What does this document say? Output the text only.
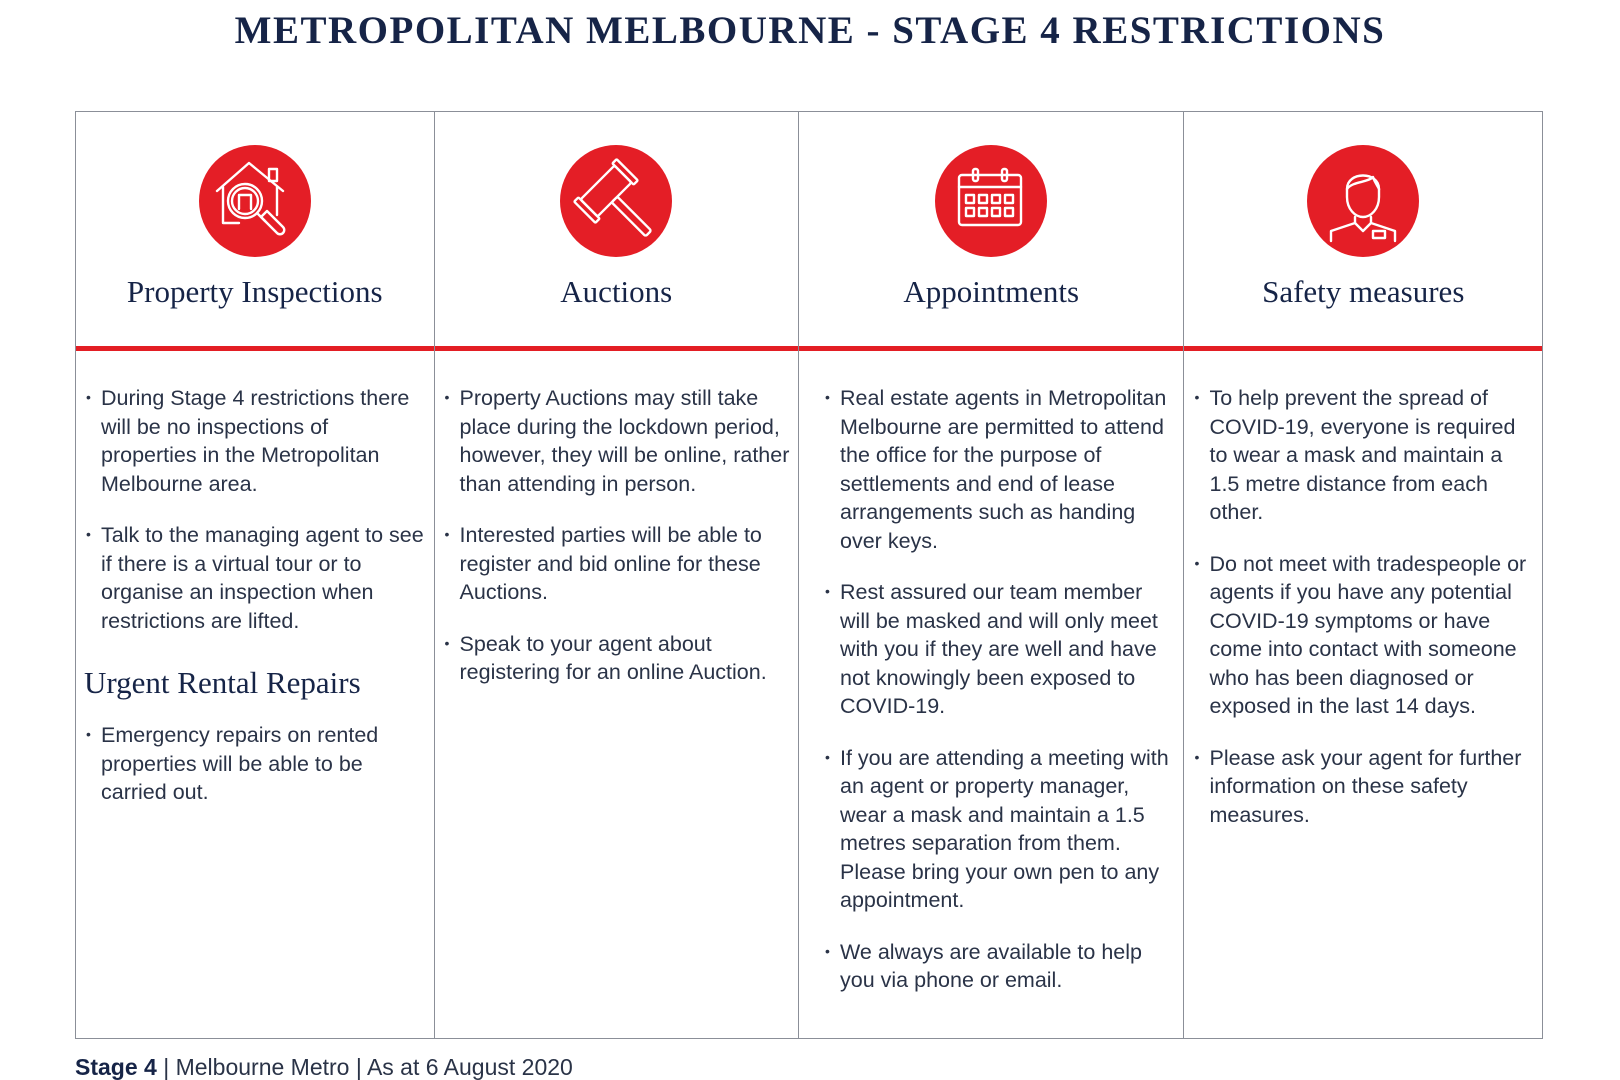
METROPOLITAN MELBOURNE - STAGE 4 RESTRICTIONS
Property Inspections
• During Stage 4 restrictions there will be no inspections of properties in the Metropolitan Melbourne area.
• Talk to the managing agent to see if there is a virtual tour or to organise an inspection when restrictions are lifted.
Urgent Rental Repairs
• Emergency repairs on rented properties will be able to be carried out.
Auctions
• Property Auctions may still take place during the lockdown period, however, they will be online, rather than attending in person.
• Interested parties will be able to register and bid online for these Auctions.
• Speak to your agent about registering for an online Auction.
Appointments
• Real estate agents in Metropolitan Melbourne are permitted to attend the office for the purpose of settlements and end of lease arrangements such as handing over keys.
• Rest assured our team member will be masked and will only meet with you if they are well and have not knowingly been exposed to COVID-19.
• If you are attending a meeting with an agent or property manager, wear a mask and maintain a 1.5 metres separation from them. Please bring your own pen to any appointment.
• We always are available to help you via phone or email.
Safety measures
• To help prevent the spread of COVID-19, everyone is required to wear a mask and maintain a 1.5 metre distance from each other.
• Do not meet with tradespeople or agents if you have any potential COVID-19 symptoms or have come into contact with someone who has been diagnosed or exposed in the last 14 days.
• Please ask your agent for further information on these safety measures.
Stage 4 | Melbourne Metro | As at 6 August 2020
